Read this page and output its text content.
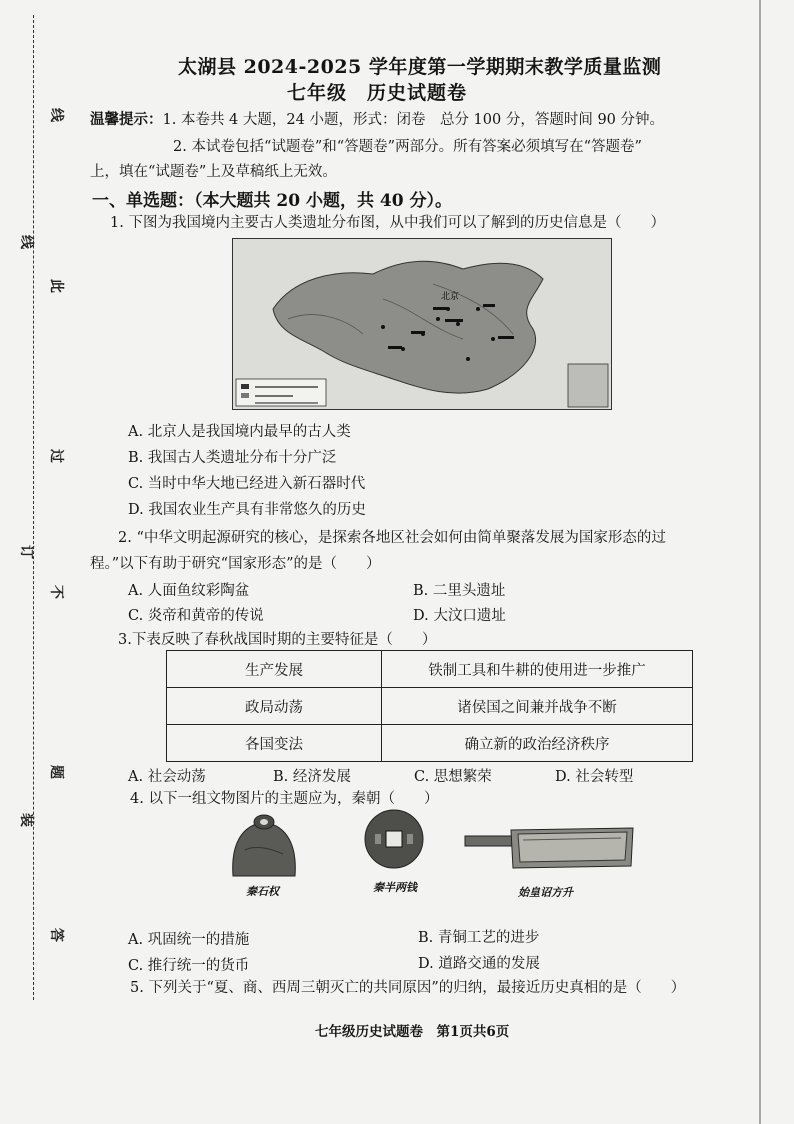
线
线
此
过
订
不
题
装
答
太湖县 2024-2025 学年度第一学期期末教学质量监测
七年级　历史试题卷
温馨提示：1. 本卷共 4 大题，24 小题，形式：闭卷　总分 100 分，答题时间 90 分钟。
2. 本试卷包括“试题卷”和“答题卷”两部分。所有答案必须填写在“答题卷”
上，填在“试题卷”上及草稿纸上无效。
一、单选题：（本大题共 20 小题，共 40 分）。
1. 下图为我国境内主要古人类遗址分布图，从中我们可以了解到的历史信息是（　　）
北京
A. 北京人是我国境内最早的古人类
B. 我国古人类遗址分布十分广泛
C. 当时中华大地已经进入新石器时代
D. 我国农业生产具有非常悠久的历史
2. “中华文明起源研究的核心，是探索各地区社会如何由简单聚落发展为国家形态的过
程。”以下有助于研究“国家形态”的是（　　）
A. 人面鱼纹彩陶盆	B. 二里头遗址
C. 炎帝和黄帝的传说	D. 大汶口遗址
3.下表反映了春秋战国时期的主要特征是（　　）
生产发展	铁制工具和牛耕的使用进一步推广
政局动荡	诸侯国之间兼并战争不断
各国变法	确立新的政治经济秩序
A. 社会动荡	B. 经济发展	C. 思想繁荣	D. 社会转型
4. 以下一组文物图片的主题应为，秦朝（　　）
秦石权	秦半两钱	始皇诏方升
A. 巩固统一的措施	B. 青铜工艺的进步
C. 推行统一的货币	D. 道路交通的发展
5. 下列关于“夏、商、西周三朝灭亡的共同原因”的归纳，最接近历史真相的是（　　）
七年级历史试题卷　第1页共6页
